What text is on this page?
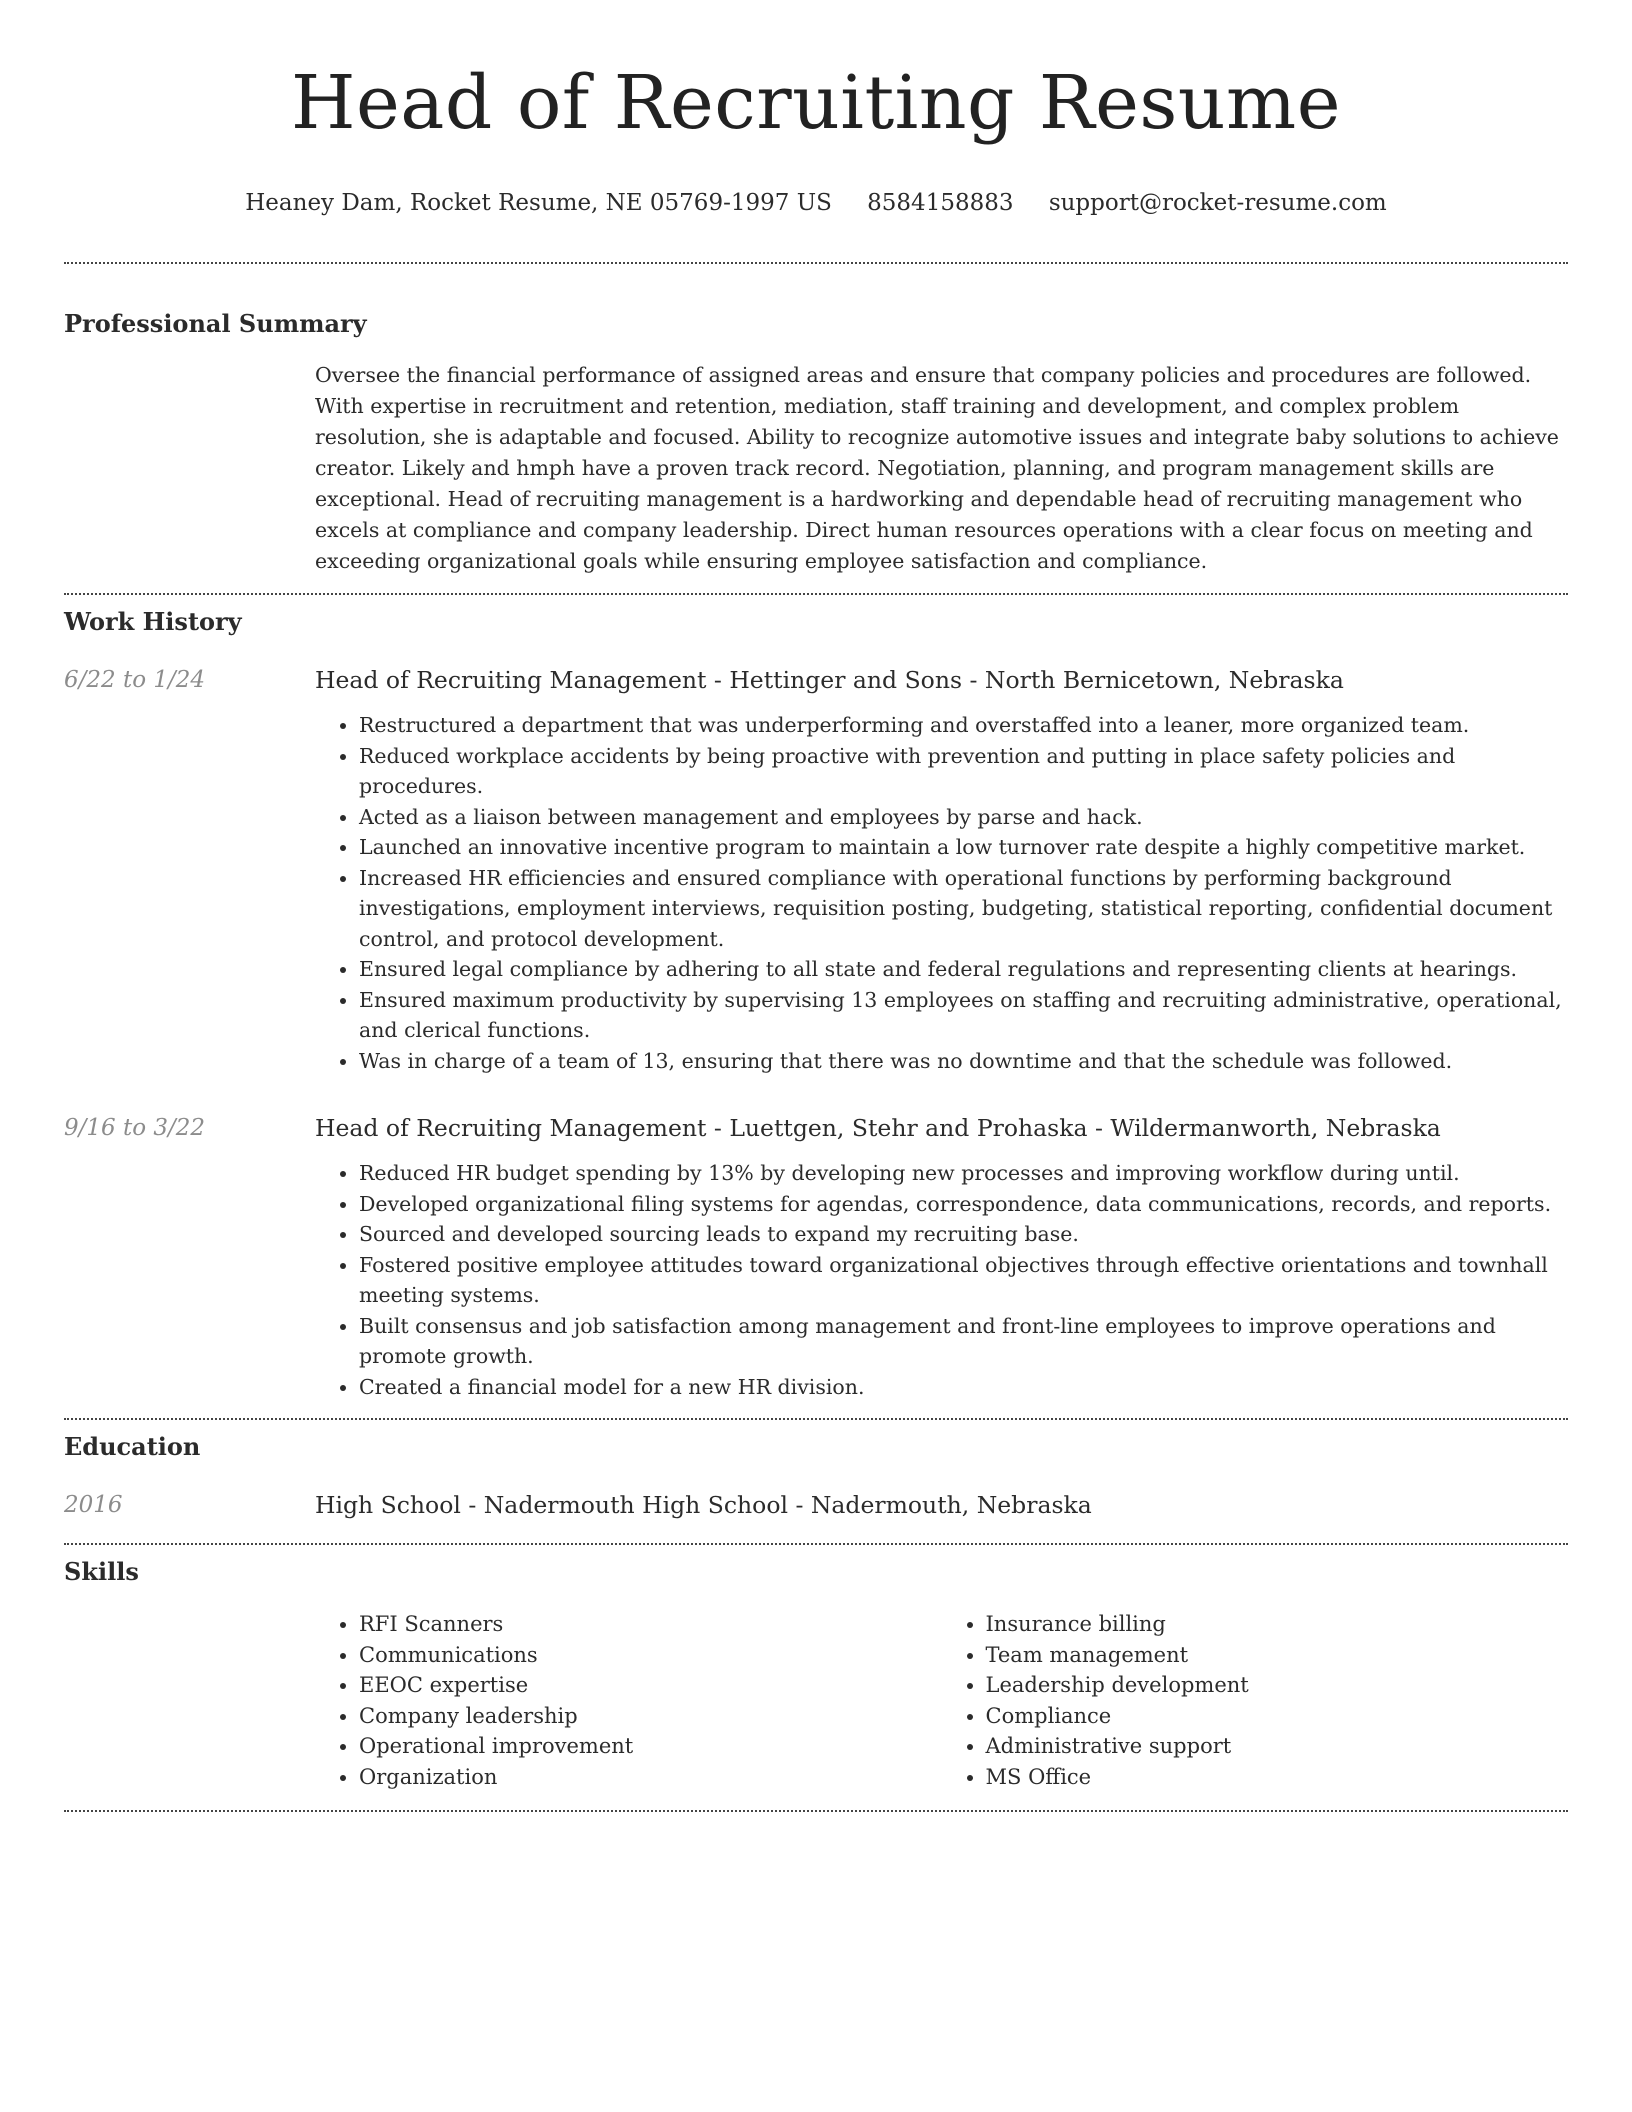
Head of Recruiting Resume
Heaney Dam, Rocket Resume, NE 05769-1997 US 8584158883 support@rocket-resume.com
Professional Summary

Oversee the financial performance of assigned areas and ensure that company policies and procedures are followed. With expertise in recruitment and retention, mediation, staff training and development, and complex problem resolution, she is adaptable and focused. Ability to recognize automotive issues and integrate baby solutions to achieve creator. Likely and hmph have a proven track record. Negotiation, planning, and program management skills are exceptional. Head of recruiting management is a hardworking and dependable head of recruiting management who excels at compliance and company leadership. Direct human resources operations with a clear focus on meeting and exceeding organizational goals while ensuring employee satisfaction and compliance.

Work History
6/22 to 1/24	Head of Recruiting Management - Hettinger and Sons - North Bernicetown, Nebraska

• Restructured a department that was underperforming and overstaffed into a leaner, more organized team.
• Reduced workplace accidents by being proactive with prevention and putting in place safety policies and procedures.
• Acted as a liaison between management and employees by parse and hack.
• Launched an innovative incentive program to maintain a low turnover rate despite a highly competitive market.
• Increased HR efficiencies and ensured compliance with operational functions by performing background investigations, employment interviews, requisition posting, budgeting, statistical reporting, confidential document control, and protocol development.
• Ensured legal compliance by adhering to all state and federal regulations and representing clients at hearings.
• Ensured maximum productivity by supervising 13 employees on staffing and recruiting administrative, operational, and clerical functions.
• Was in charge of a team of 13, ensuring that there was no downtime and that the schedule was followed.
9/16 to 3/22	Head of Recruiting Management - Luettgen, Stehr and Prohaska - Wildermanworth, Nebraska

• Reduced HR budget spending by 13% by developing new processes and improving workflow during until.
• Developed organizational filing systems for agendas, correspondence, data communications, records, and reports.
• Sourced and developed sourcing leads to expand my recruiting base.
• Fostered positive employee attitudes toward organizational objectives through effective orientations and townhall meeting systems.
• Built consensus and job satisfaction among management and front-line employees to improve operations and promote growth.
• Created a financial model for a new HR division.
Education
2016	High School - Nadermouth High School - Nadermouth, Nebraska

Skills
• RFI Scanners
• Communications
• EEOC expertise
• Company leadership
• Operational improvement
• Organization
• Insurance billing
• Team management
• Leadership development
• Compliance
• Administrative support
• MS Office
